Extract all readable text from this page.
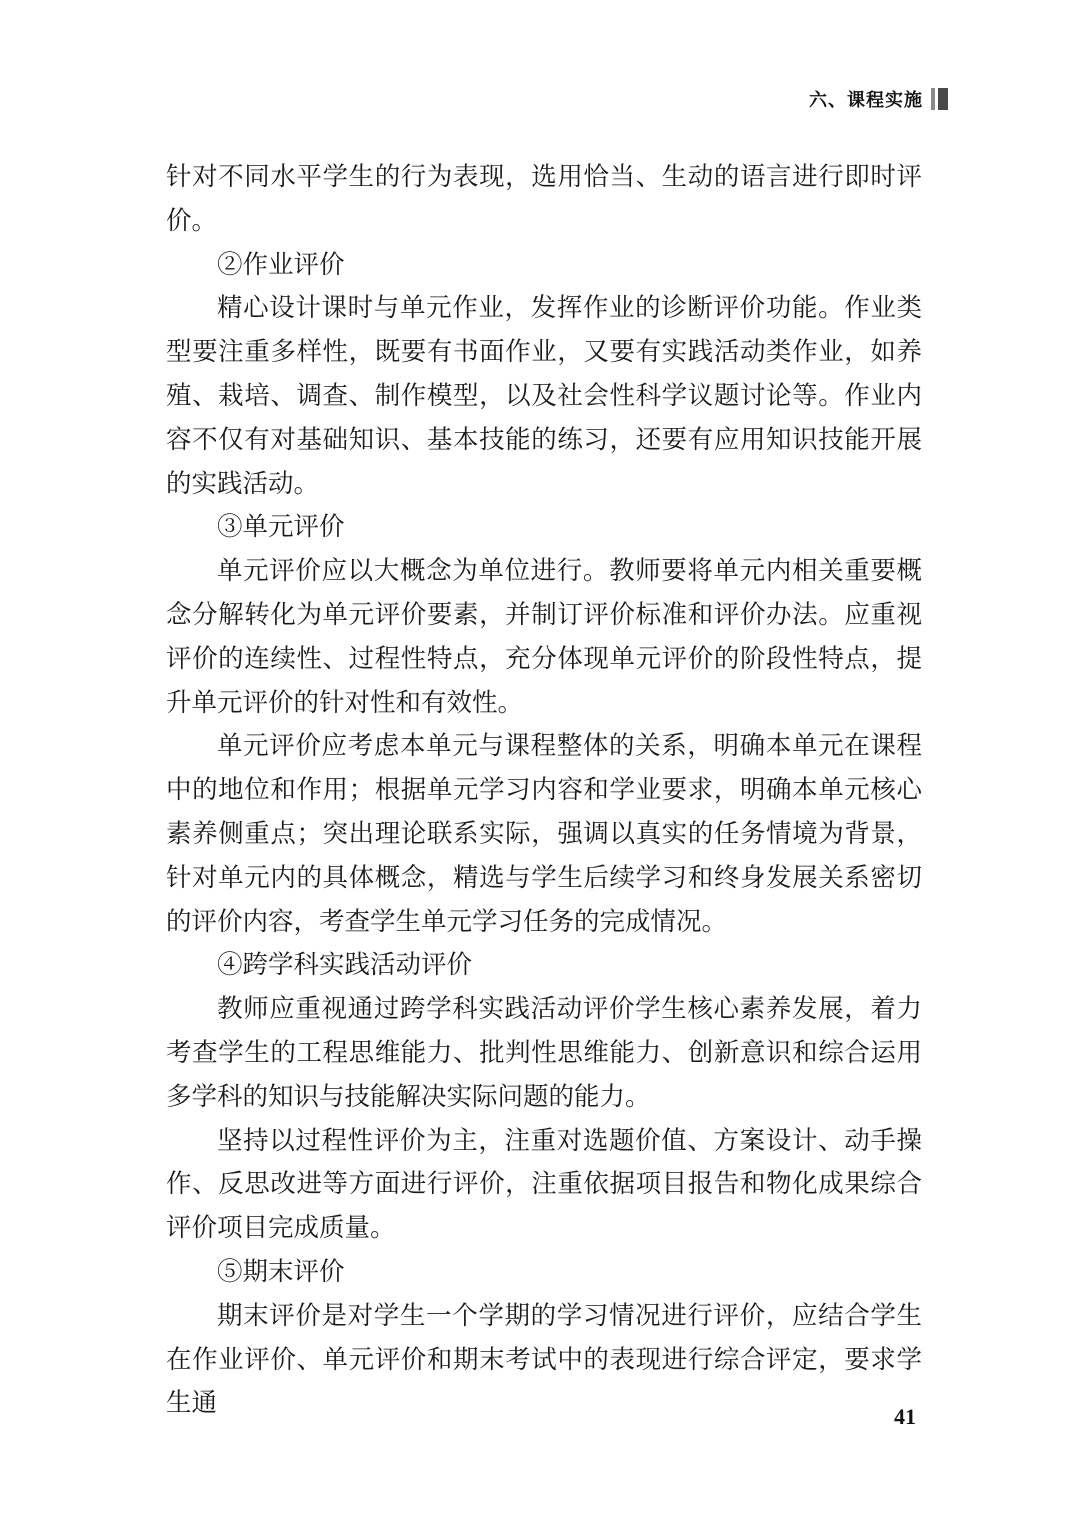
六、课程实施

针对不同水平学生的行为表现，选用恰当、生动的语言进行即时评价。

②作业评价

精心设计课时与单元作业，发挥作业的诊断评价功能。作业类型要注重多样性，既要有书面作业，又要有实践活动类作业，如养殖、栽培、调查、制作模型，以及社会性科学议题讨论等。作业内容不仅有对基础知识、基本技能的练习，还要有应用知识技能开展的实践活动。

③单元评价

单元评价应以大概念为单位进行。教师要将单元内相关重要概念分解转化为单元评价要素，并制订评价标准和评价办法。应重视评价的连续性、过程性特点，充分体现单元评价的阶段性特点，提升单元评价的针对性和有效性。

单元评价应考虑本单元与课程整体的关系，明确本单元在课程中的地位和作用；根据单元学习内容和学业要求，明确本单元核心素养侧重点；突出理论联系实际，强调以真实的任务情境为背景，针对单元内的具体概念，精选与学生后续学习和终身发展关系密切的评价内容，考查学生单元学习任务的完成情况。

④跨学科实践活动评价

教师应重视通过跨学科实践活动评价学生核心素养发展，着力考查学生的工程思维能力、批判性思维能力、创新意识和综合运用多学科的知识与技能解决实际问题的能力。

坚持以过程性评价为主，注重对选题价值、方案设计、动手操作、反思改进等方面进行评价，注重依据项目报告和物化成果综合评价项目完成质量。

⑤期末评价

期末评价是对学生一个学期的学习情况进行评价，应结合学生在作业评价、单元评价和期末考试中的表现进行综合评定，要求学生通	41
